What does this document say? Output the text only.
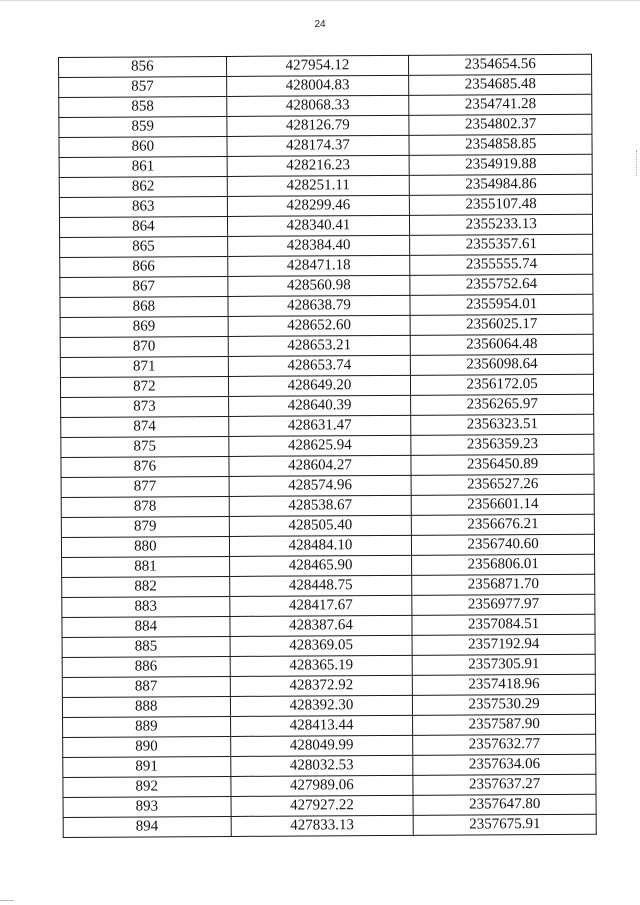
24
856	427954.12	2354654.56
857	428004.83	2354685.48
858	428068.33	2354741.28
859	428126.79	2354802.37
860	428174.37	2354858.85
861	428216.23	2354919.88
862	428251.11	2354984.86
863	428299.46	2355107.48
864	428340.41	2355233.13
865	428384.40	2355357.61
866	428471.18	2355555.74
867	428560.98	2355752.64
868	428638.79	2355954.01
869	428652.60	2356025.17
870	428653.21	2356064.48
871	428653.74	2356098.64
872	428649.20	2356172.05
873	428640.39	2356265.97
874	428631.47	2356323.51
875	428625.94	2356359.23
876	428604.27	2356450.89
877	428574.96	2356527.26
878	428538.67	2356601.14
879	428505.40	2356676.21
880	428484.10	2356740.60
881	428465.90	2356806.01
882	428448.75	2356871.70
883	428417.67	2356977.97
884	428387.64	2357084.51
885	428369.05	2357192.94
886	428365.19	2357305.91
887	428372.92	2357418.96
888	428392.30	2357530.29
889	428413.44	2357587.90
890	428049.99	2357632.77
891	428032.53	2357634.06
892	427989.06	2357637.27
893	427927.22	2357647.80
894	427833.13	2357675.91
